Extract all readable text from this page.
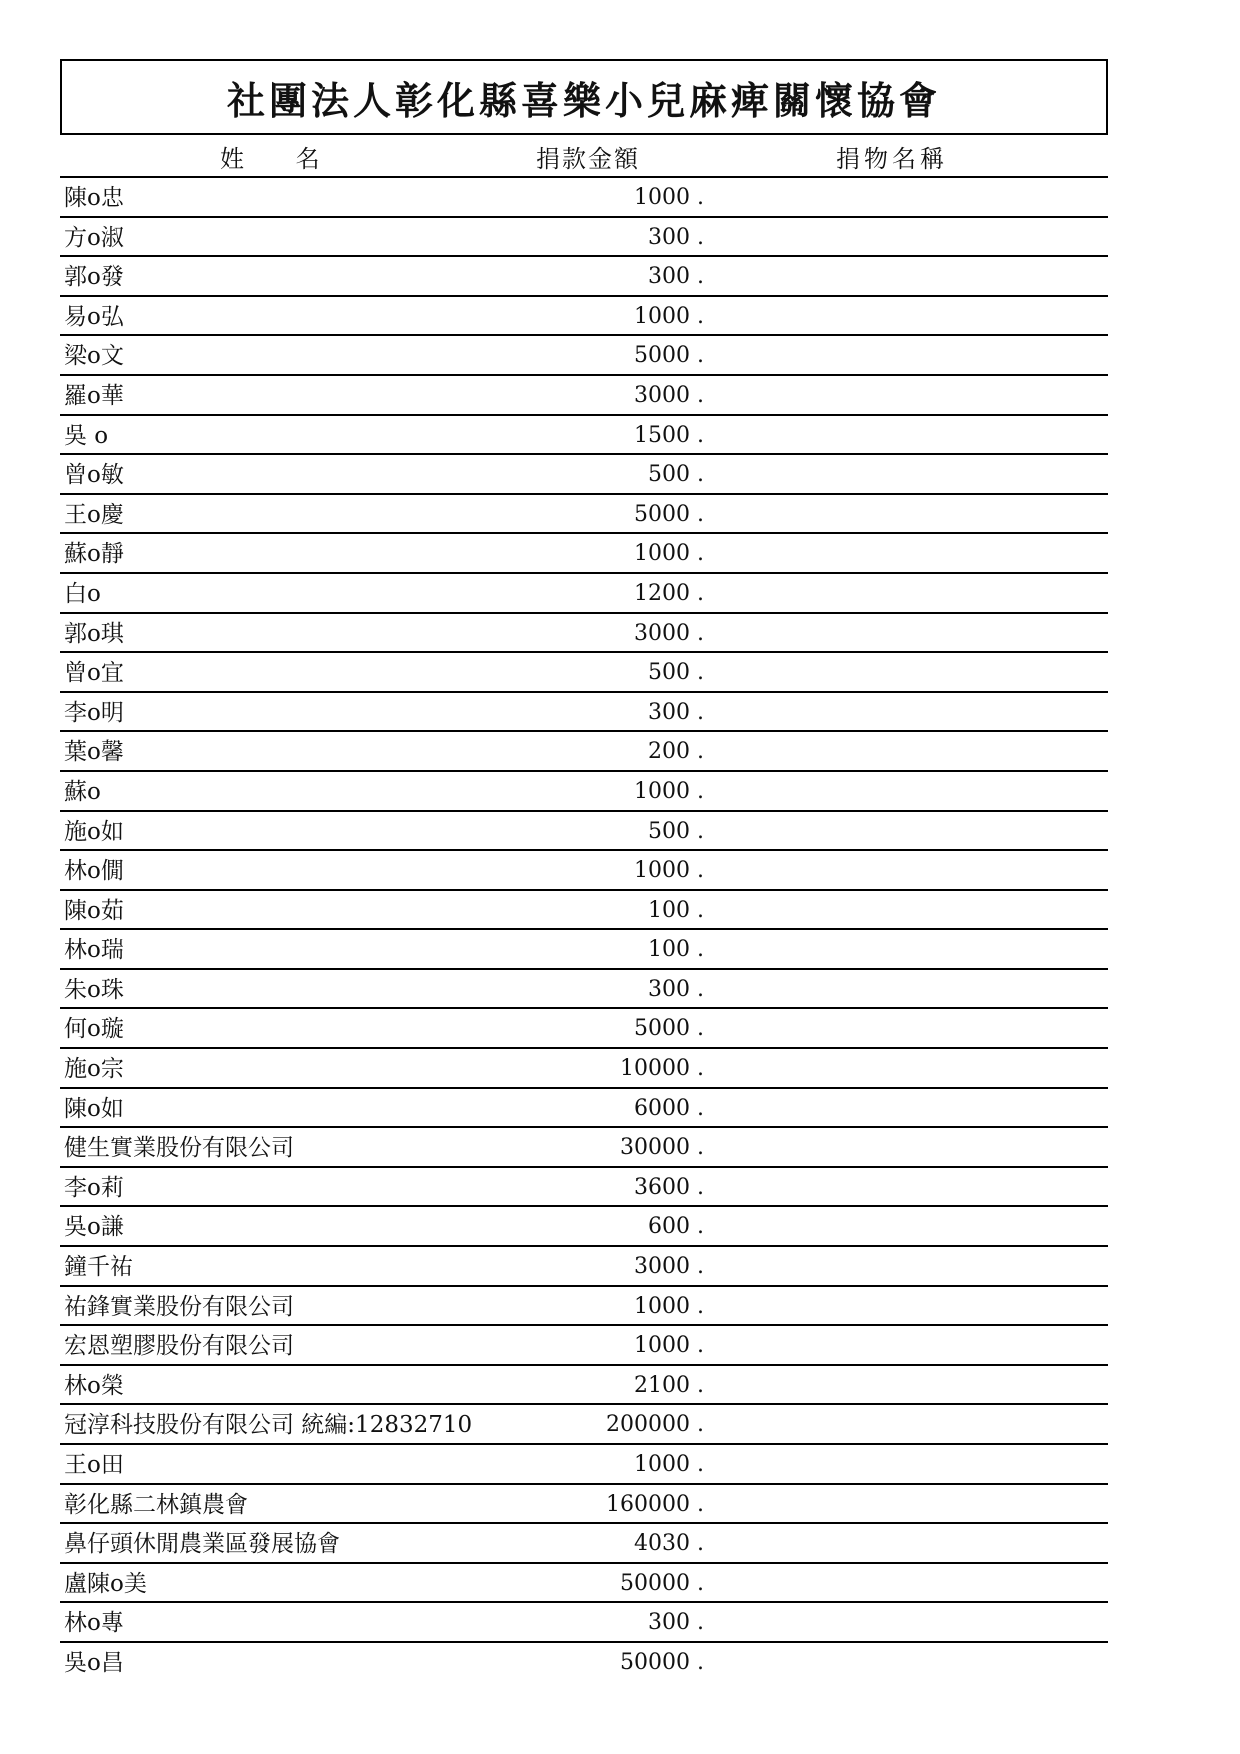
社團法人彰化縣喜樂小兒麻痺關懷協會
姓 名	捐款金額	捐物名稱
陳o忠	1000 .
方o淑	300 .
郭o發	300 .
易o弘	1000 .
梁o文	5000 .
羅o華	3000 .
吳 o	1500 .
曾o敏	500 .
王o慶	5000 .
蘇o靜	1000 .
白o	1200 .
郭o琪	3000 .
曾o宜	500 .
李o明	300 .
葉o馨	200 .
蘇o	1000 .
施o如	500 .
林o僩	1000 .
陳o茹	100 .
林o瑞	100 .
朱o珠	300 .
何o璇	5000 .
施o宗	10000 .
陳o如	6000 .
健生實業股份有限公司	30000 .
李o莉	3600 .
吳o謙	600 .
鐘千祐	3000 .
祐鋒實業股份有限公司	1000 .
宏恩塑膠股份有限公司	1000 .
林o榮	2100 .
冠淳科技股份有限公司 統編:12832710	200000 .
王o田	1000 .
彰化縣二林鎮農會	160000 .
鼻仔頭休閒農業區發展協會	4030 .
盧陳o美	50000 .
林o專	300 .
吳o昌	50000 .
